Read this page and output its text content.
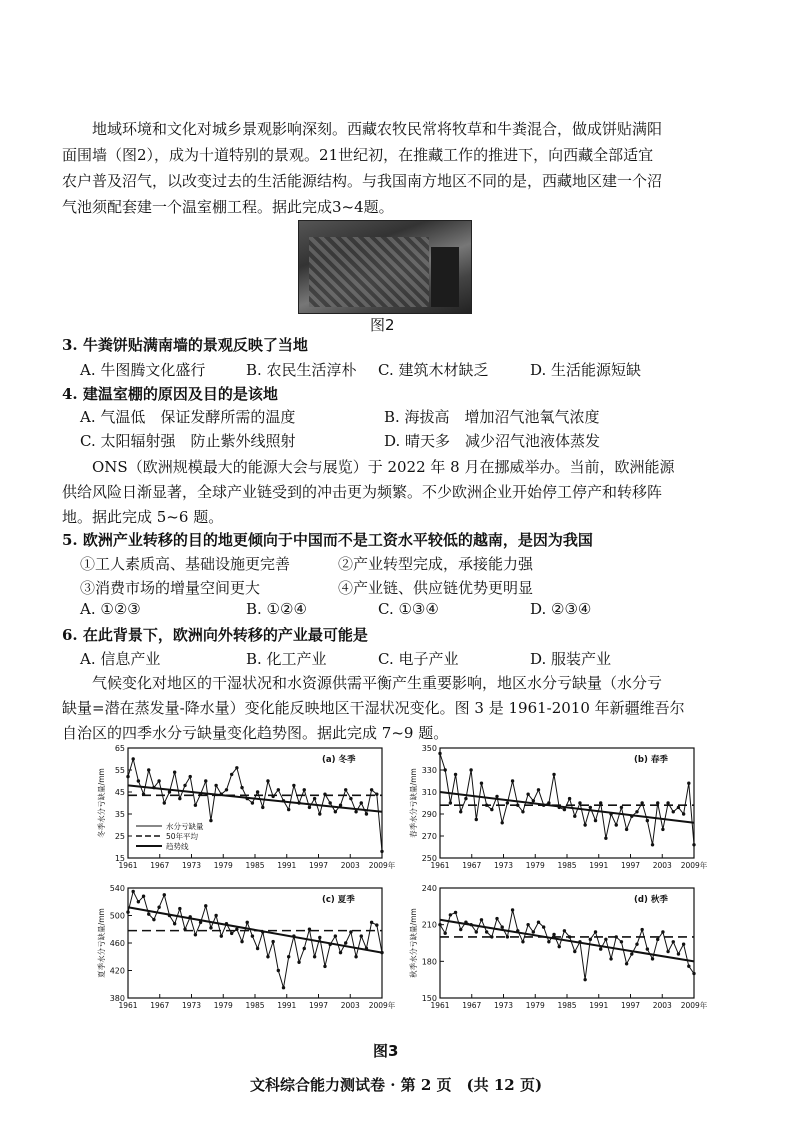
地域环境和文化对城乡景观影响深刻。西藏农牧民常将牧草和牛粪混合，做成饼贴满阳
面围墙（图2），成为十道特别的景观。21世纪初，在推藏工作的推进下，向西藏全部适宜
农户普及沼气，以改变过去的生活能源结构。与我国南方地区不同的是，西藏地区建一个沼
气池须配套建一个温室棚工程。据此完成3~4题。
图2
3. 牛粪饼贴满南墙的景观反映了当地
A. 牛图腾文化盛行	B. 农民生活淳朴 C. 建筑木材缺乏	D. 生活能源短缺
4. 建温室棚的原因及目的是该地
A. 气温低　保证发酵所需的温度	B. 海拔高　增加沼气池氧气浓度
C. 太阳辐射强　防止紫外线照射	D. 晴天多　减少沼气池液体蒸发
ONS（欧洲规模最大的能源大会与展览）于 2022 年 8 月在挪威举办。当前，欧洲能源
供给风险日渐显著，全球产业链受到的冲击更为频繁。不少欧洲企业开始停工停产和转移阵
地。据此完成 5~6 题。
5. 欧洲产业转移的目的地更倾向于中国而不是工资水平较低的越南，是因为我国
①工人素质高、基础设施更完善	②产业转型完成，承接能力强
③消费市场的增量空间更大	④产业链、供应链优势更明显
A. ①②③	B. ①②④	C. ①③④	D. ②③④
6. 在此背景下，欧洲向外转移的产业最可能是
A. 信息产业	B. 化工产业	C. 电子产业	D. 服装产业
气候变化对地区的干湿状况和水资源供需平衡产生重要影响，地区水分亏缺量（水分亏
缺量=潜在蒸发量-降水量）变化能反映地区干湿状况变化。图 3 是 1961-2010 年新疆维吾尔
自治区的四季水分亏缺量变化趋势图。据此完成 7~9 题。
15
25
35
45
55
65
1961 1967 1973 1979 1985 1991 1997 2003 2009年
冬季水分亏缺量/mm
(a) 冬季
水分亏缺量
50年平均
趋势线
250
270
290
310
330
350
1961 1967 1973 1979 1985 1991 1997 2003 2009年
春季水分亏缺量/mm
(b) 春季
380
420
460
500
540
1961 1967 1973 1979 1985 1991 1997 2003 2009年
夏季水分亏缺量/mm
(c) 夏季
150
180
210
240
1961 1967 1973 1979 1985 1991 1997 2003 2009年
秋季水分亏缺量/mm
(d) 秋季
图3
文科综合能力测试卷 · 第 2 页　(共 12 页)
